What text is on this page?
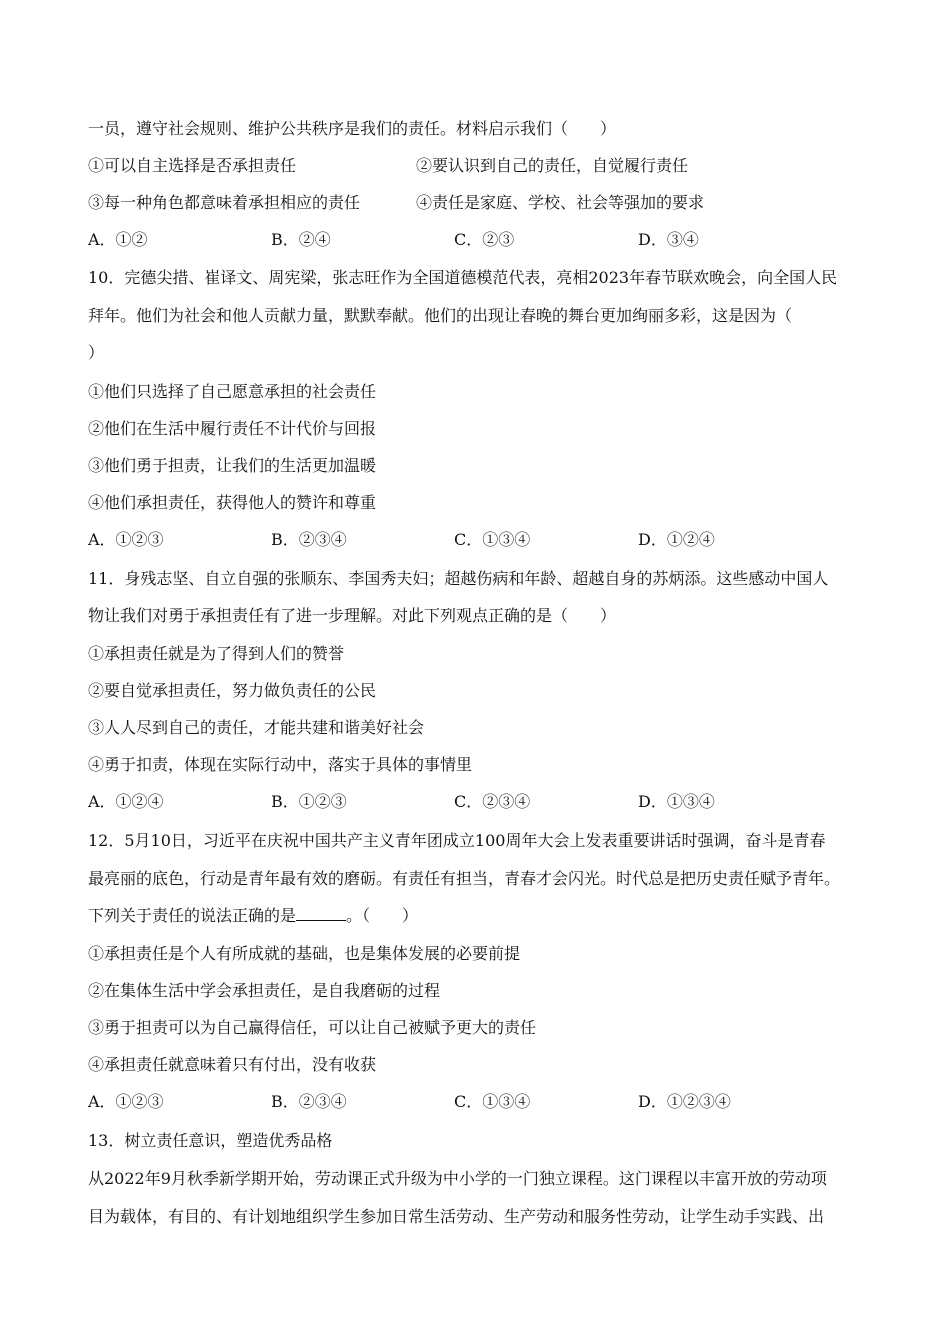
一员，遵守社会规则、维护公共秩序是我们的责任。材料启示我们（　　）
①可以自主选择是否承担责任	②要认识到自己的责任，自觉履行责任
③每一种角色都意味着承担相应的责任	④责任是家庭、学校、社会等强加的要求
A．①②	B．②④	C．②③	D．③④
10．完德尖措、崔译文、周宪梁，张志旺作为全国道德模范代表，亮相2023年春节联欢晚会，向全国人民
拜年。他们为社会和他人贡献力量，默默奉献。他们的出现让春晚的舞台更加绚丽多彩，这是因为（
）
①他们只选择了自己愿意承担的社会责任
②他们在生活中履行责任不计代价与回报
③他们勇于担责，让我们的生活更加温暖
④他们承担责任，获得他人的赞许和尊重
A．①②③	B．②③④	C．①③④	D．①②④
11．身残志坚、自立自强的张顺东、李国秀夫妇；超越伤病和年龄、超越自身的苏炳添。这些感动中国人
物让我们对勇于承担责任有了进一步理解。对此下列观点正确的是（　　）
①承担责任就是为了得到人们的赞誉
②要自觉承担责任，努力做负责任的公民
③人人尽到自己的责任，才能共建和谐美好社会
④勇于扣责，体现在实际行动中，落实于具体的事情里
A．①②④	B．①②③	C．②③④	D．①③④
12．5月10日，习近平在庆祝中国共产主义青年团成立100周年大会上发表重要讲话时强调，奋斗是青春
最亮丽的底色，行动是青年最有效的磨砺。有责任有担当，青春才会闪光。时代总是把历史责任赋予青年。
下列关于责任的说法正确的是	。（　　）
①承担责任是个人有所成就的基础，也是集体发展的必要前提
②在集体生活中学会承担责任，是自我磨砺的过程
③勇于担责可以为自己赢得信任，可以让自己被赋予更大的责任
④承担责任就意味着只有付出，没有收获
A．①②③	B．②③④	C．①③④	D．①②③④
13．树立责任意识，塑造优秀品格
从2022年9月秋季新学期开始，劳动课正式升级为中小学的一门独立课程。这门课程以丰富开放的劳动项
目为载体，有目的、有计划地组织学生参加日常生活劳动、生产劳动和服务性劳动，让学生动手实践、出
